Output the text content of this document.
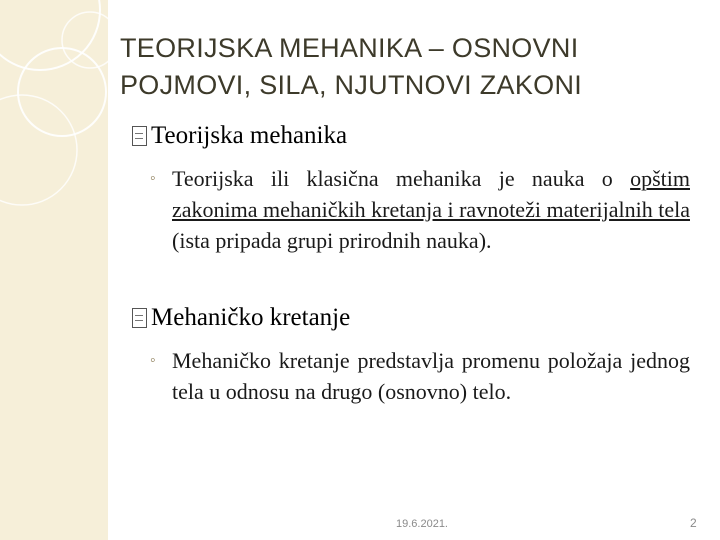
TEORIJSKA MEHANIKA – OSNOVNI POJMOVI, SILA, NJUTNOVI ZAKONI
Teorijska mehanika
◦ Teorijska ili klasična mehanika je nauka o opštim zakonima mehaničkih kretanja i ravnoteži materijalnih tela (ista pripada grupi prirodnih nauka).
Mehaničko kretanje
◦ Mehaničko kretanje predstavlja promenu položaja jednog tela u odnosu na drugo (osnovno) telo.
19.6.2021.	2
